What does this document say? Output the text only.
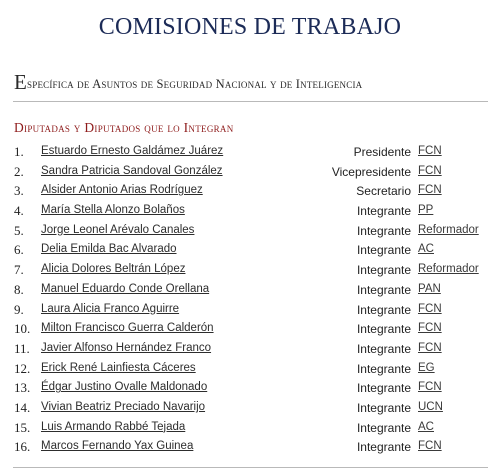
COMISIONES DE TRABAJO
Específica de Asuntos de Seguridad Nacional y de Inteligencia
Diputadas y Diputados que lo Integran
1. Estuardo Ernesto Galdámez Juárez	Presidente FCN
2. Sandra Patricia Sandoval González	Vicepresidente FCN
3. Alsider Antonio Arias Rodríguez	Secretario FCN
4. María Stella Alonzo Bolaños	Integrante PP
5. Jorge Leonel Arévalo Canales	Integrante Reformador
6. Delia Emilda Bac Alvarado	Integrante AC
7. Alicia Dolores Beltrán López	Integrante Reformador
8. Manuel Eduardo Conde Orellana	Integrante PAN
9. Laura Alicia Franco Aguirre	Integrante FCN
10. Milton Francisco Guerra Calderón	Integrante FCN
11. Javier Alfonso Hernández Franco	Integrante FCN
12. Erick René Lainfiesta Cáceres	Integrante EG
13. Édgar Justino Ovalle Maldonado	Integrante FCN
14. Vivian Beatriz Preciado Navarijo	Integrante UCN
15. Luis Armando Rabbé Tejada	Integrante AC
16. Marcos Fernando Yax Guinea	Integrante FCN
